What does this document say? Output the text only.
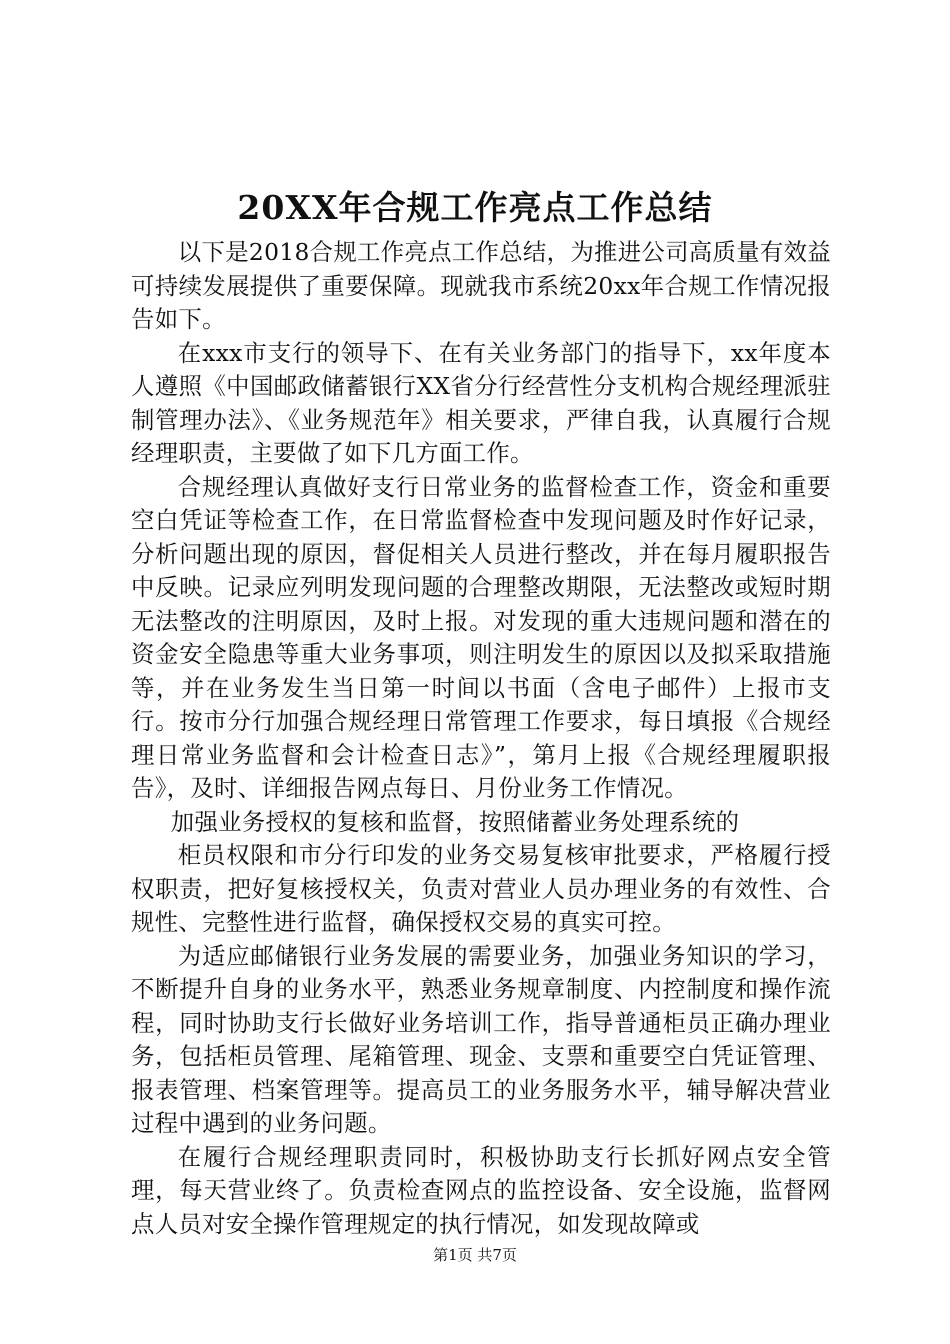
20XX年合规工作亮点工作总结

以下是2018合规工作亮点工作总结，为推进公司高质量有效益可持续发展提供了重要保障。现就我市系统20xx年合规工作情况报告如下。

在xxx市支行的领导下、在有关业务部门的指导下，xx年度本人遵照《中国邮政储蓄银行XX省分行经营性分支机构合规经理派驻制管理办法》、《业务规范年》相关要求，严律自我，认真履行合规经理职责，主要做了如下几方面工作。

合规经理认真做好支行日常业务的监督检查工作，资金和重要空白凭证等检查工作，在日常监督检查中发现问题及时作好记录，分析问题出现的原因，督促相关人员进行整改，并在每月履职报告中反映。记录应列明发现问题的合理整改期限，无法整改或短时期无法整改的注明原因，及时上报。对发现的重大违规问题和潜在的资金安全隐患等重大业务事项，则注明发生的原因以及拟采取措施等，并在业务发生当日第一时间以书面（含电子邮件）上报市支行。按市分行加强合规经理日常管理工作要求，每日填报《合规经理日常业务监督和会计检查日志》”，第月上报《合规经理履职报告》，及时、详细报告网点每日、月份业务工作情况。

加强业务授权的复核和监督，按照储蓄业务处理系统的

柜员权限和市分行印发的业务交易复核审批要求，严格履行授权职责，把好复核授权关，负责对营业人员办理业务的有效性、合规性、完整性进行监督，确保授权交易的真实可控。

为适应邮储银行业务发展的需要业务，加强业务知识的学习，不断提升自身的业务水平，熟悉业务规章制度、内控制度和操作流程，同时协助支行长做好业务培训工作，指导普通柜员正确办理业务，包括柜员管理、尾箱管理、现金、支票和重要空白凭证管理、报表管理、档案管理等。提高员工的业务服务水平，辅导解决营业过程中遇到的业务问题。

在履行合规经理职责同时，积极协助支行长抓好网点安全管理，每天营业终了。负责检查网点的监控设备、安全设施，监督网点人员对安全操作管理规定的执行情况，如发现故障或

第1页 共7页
